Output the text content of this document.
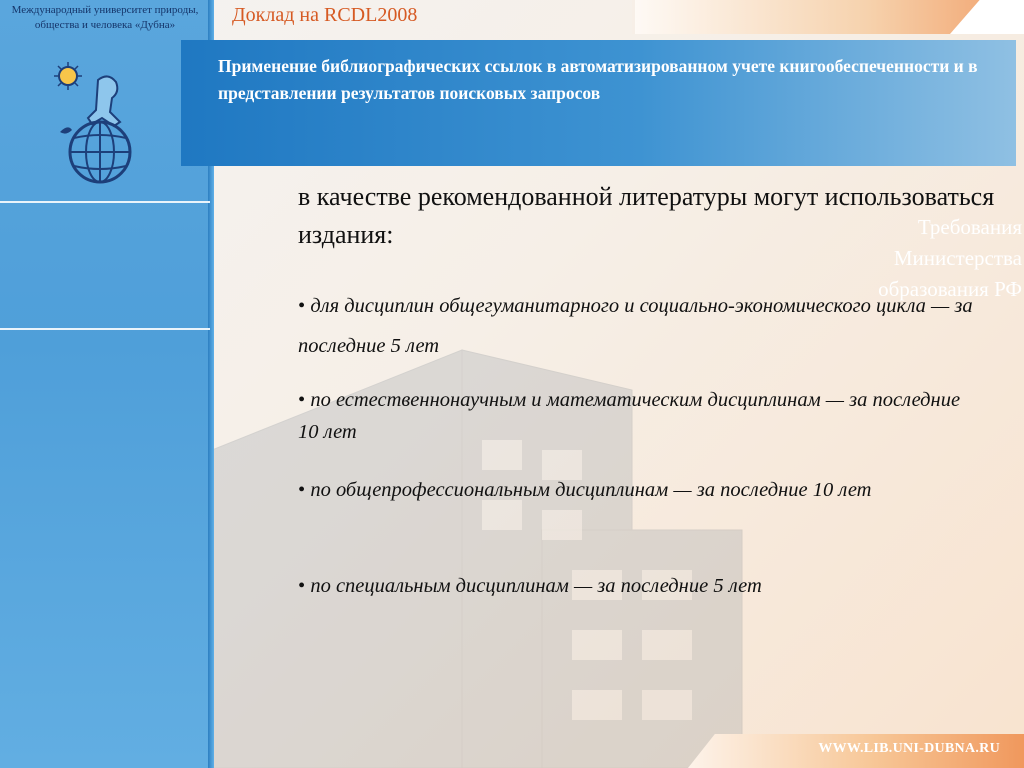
Международный университет природы, общества и человека «Дубна»
Требования Министерства образования РФ
Доклад на RCDL2008
Применение библиографических ссылок в автоматизированном учете книгообеспеченности и в представлении результатов поисковых запросов
в качестве рекомендованной литературы могут использоваться издания:
• для дисциплин общегуманитарного и социально-экономического цикла — за последние 5 лет
• по естественнонаучным и математическим дисциплинам — за последние 10 лет
• по общепрофессиональным дисциплинам — за последние 10 лет
• по специальным дисциплинам — за последние 5 лет
WWW.LIB.UNI-DUBNA.RU
